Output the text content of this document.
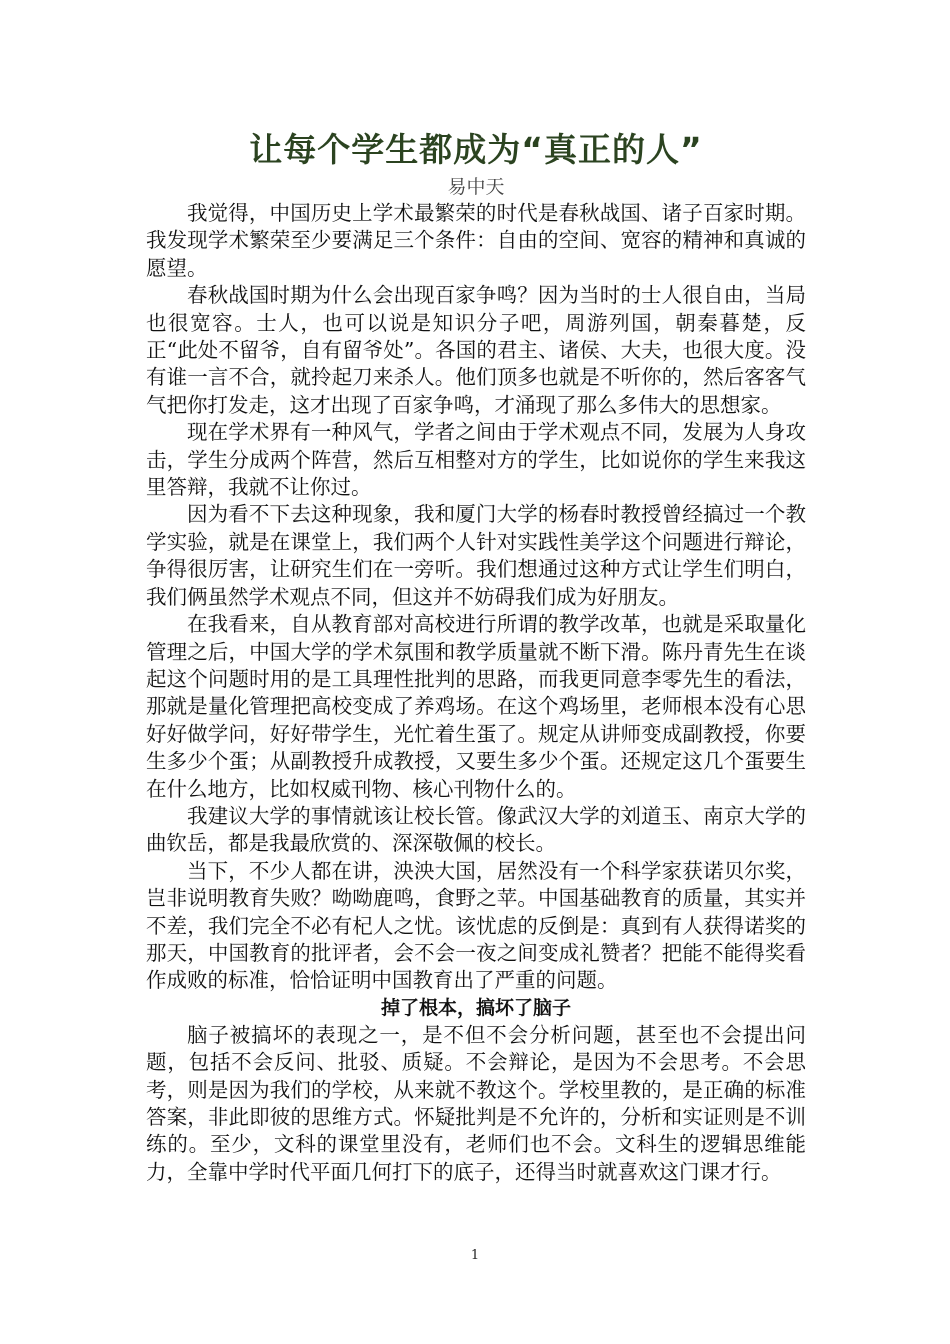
让每个学生都成为“真正的人”

易中天

我觉得，中国历史上学术最繁荣的时代是春秋战国、诸子百家时期。我发现学术繁荣至少要满足三个条件：自由的空间、宽容的精神和真诚的愿望。

春秋战国时期为什么会出现百家争鸣？因为当时的士人很自由，当局也很宽容。士人，也可以说是知识分子吧，周游列国，朝秦暮楚，反正“此处不留爷，自有留爷处”。各国的君主、诸侯、大夫，也很大度。没有谁一言不合，就拎起刀来杀人。他们顶多也就是不听你的，然后客客气气把你打发走，这才出现了百家争鸣，才涌现了那么多伟大的思想家。

现在学术界有一种风气，学者之间由于学术观点不同，发展为人身攻击，学生分成两个阵营，然后互相整对方的学生，比如说你的学生来我这里答辩，我就不让你过。

因为看不下去这种现象，我和厦门大学的杨春时教授曾经搞过一个教学实验，就是在课堂上，我们两个人针对实践性美学这个问题进行辩论，争得很厉害，让研究生们在一旁听。我们想通过这种方式让学生们明白，我们俩虽然学术观点不同，但这并不妨碍我们成为好朋友。

在我看来，自从教育部对高校进行所谓的教学改革，也就是采取量化管理之后，中国大学的学术氛围和教学质量就不断下滑。陈丹青先生在谈起这个问题时用的是工具理性批判的思路，而我更同意李零先生的看法，那就是量化管理把高校变成了养鸡场。在这个鸡场里，老师根本没有心思好好做学问，好好带学生，光忙着生蛋了。规定从讲师变成副教授，你要生多少个蛋；从副教授升成教授，又要生多少个蛋。还规定这几个蛋要生在什么地方，比如权威刊物、核心刊物什么的。

我建议大学的事情就该让校长管。像武汉大学的刘道玉、南京大学的曲钦岳，都是我最欣赏的、深深敬佩的校长。

当下，不少人都在讲，泱泱大国，居然没有一个科学家获诺贝尔奖，岂非说明教育失败？呦呦鹿鸣，食野之苹。中国基础教育的质量，其实并不差，我们完全不必有杞人之忧。该忧虑的反倒是：真到有人获得诺奖的那天，中国教育的批评者，会不会一夜之间变成礼赞者？把能不能得奖看作成败的标准，恰恰证明中国教育出了严重的问题。

掉了根本，搞坏了脑子

脑子被搞坏的表现之一，是不但不会分析问题，甚至也不会提出问题，包括不会反问、批驳、质疑。不会辩论，是因为不会思考。不会思考，则是因为我们的学校，从来就不教这个。学校里教的，是正确的标准答案，非此即彼的思维方式。怀疑批判是不允许的，分析和实证则是不训练的。至少，文科的课堂里没有，老师们也不会。文科生的逻辑思维能力，全靠中学时代平面几何打下的底子，还得当时就喜欢这门课才行。

1
